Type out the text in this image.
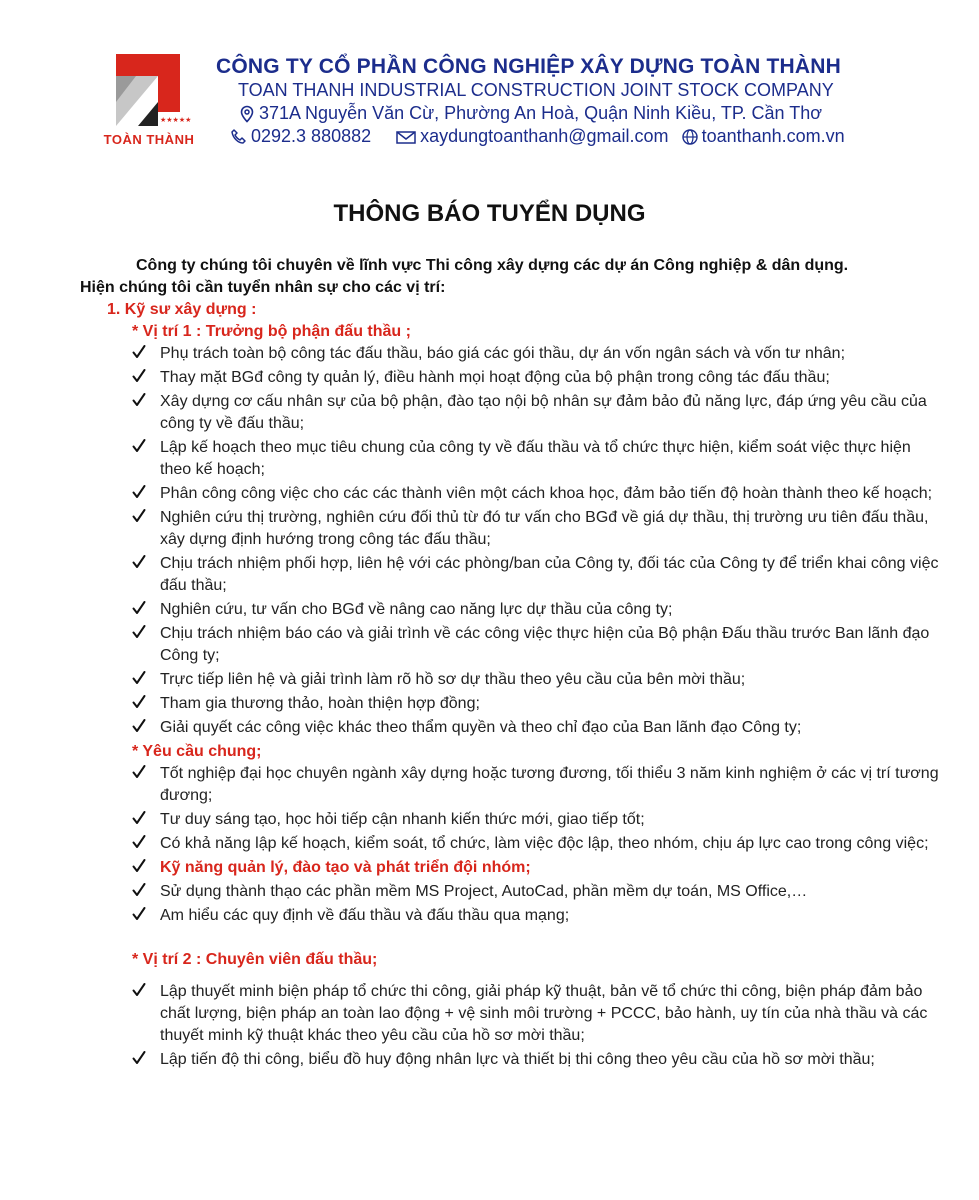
★★★★★
TOÀN THÀNH
CÔNG TY CỔ PHẦN CÔNG NGHIỆP XÂY DỰNG TOÀN THÀNH
TOAN THANH INDUSTRIAL CONSTRUCTION JOINT STOCK COMPANY
371A Nguyễn Văn Cừ, Phường An Hoà, Quận Ninh Kiều, TP. Cần Thơ
0292.3 880882	xaydungtoanthanh@gmail.com toanthanh.com.vn
THÔNG BÁO TUYỂN DỤNG

Công ty chúng tôi chuyên về lĩnh vực Thi công xây dựng các dự án Công nghiệp & dân dụng.

Hiện chúng tôi cần tuyển nhân sự cho các vị trí:

1. Kỹ sư xây dựng :

* Vị trí 1 : Trưởng bộ phận đấu thầu ;

Phụ trách toàn bộ công tác đấu thầu, báo giá các gói thầu, dự án vốn ngân sách và vốn tư nhân;
Thay mặt BGđ công ty quản lý, điều hành mọi hoạt động của bộ phận trong công tác đấu thầu;
Xây dựng cơ cấu nhân sự của bộ phận, đào tạo nội bộ nhân sự đảm bảo đủ năng lực, đáp ứng yêu cầu của công ty về đấu thầu;
Lập kế hoạch theo mục tiêu chung của công ty về đấu thầu và tổ chức thực hiện, kiểm soát việc thực hiện theo kế hoạch;
Phân công công việc cho các các thành viên một cách khoa học, đảm bảo tiến độ hoàn thành theo kế hoạch;
Nghiên cứu thị trường, nghiên cứu đối thủ từ đó tư vấn cho BGđ về giá dự thầu, thị trường ưu tiên đấu thầu, xây dựng định hướng trong công tác đấu thầu;
Chịu trách nhiệm phối hợp, liên hệ với các phòng/ban của Công ty, đối tác của Công ty để triển khai công việc đấu thầu;
Nghiên cứu, tư vấn cho BGđ về nâng cao năng lực dự thầu của công ty;
Chịu trách nhiệm báo cáo và giải trình về các công việc thực hiện của Bộ phận Đấu thầu trước Ban lãnh đạo Công ty;
Trực tiếp liên hệ và giải trình làm rõ hồ sơ dự thầu theo yêu cầu của bên mời thầu;
Tham gia thương thảo, hoàn thiện hợp đồng;
Giải quyết các công việc khác theo thẩm quyền và theo chỉ đạo của Ban lãnh đạo Công ty;

* Yêu cầu chung;

Tốt nghiệp đại học chuyên ngành xây dựng hoặc tương đương, tối thiểu 3 năm kinh nghiệm ở các vị trí tương đương;
Tư duy sáng tạo, học hỏi tiếp cận nhanh kiến thức mới, giao tiếp tốt;
Có khả năng lập kế hoạch, kiểm soát, tổ chức, làm việc độc lập, theo nhóm, chịu áp lực cao trong công việc;
Kỹ năng quản lý, đào tạo và phát triển đội nhóm;
Sử dụng thành thạo các phần mềm MS Project, AutoCad, phần mềm dự toán, MS Office,…
Am hiểu các quy định về đấu thầu và đấu thầu qua mạng;

* Vị trí 2 : Chuyên viên đấu thầu;

Lập thuyết minh biện pháp tổ chức thi công, giải pháp kỹ thuật, bản vẽ tổ chức thi công, biện pháp đảm bảo chất lượng, biện pháp an toàn lao động + vệ sinh môi trường + PCCC, bảo hành, uy tín của nhà thầu và các thuyết minh kỹ thuật khác theo yêu cầu của hồ sơ mời thầu;
Lập tiến độ thi công, biểu đồ huy động nhân lực và thiết bị thi công theo yêu cầu của hồ sơ mời thầu;
